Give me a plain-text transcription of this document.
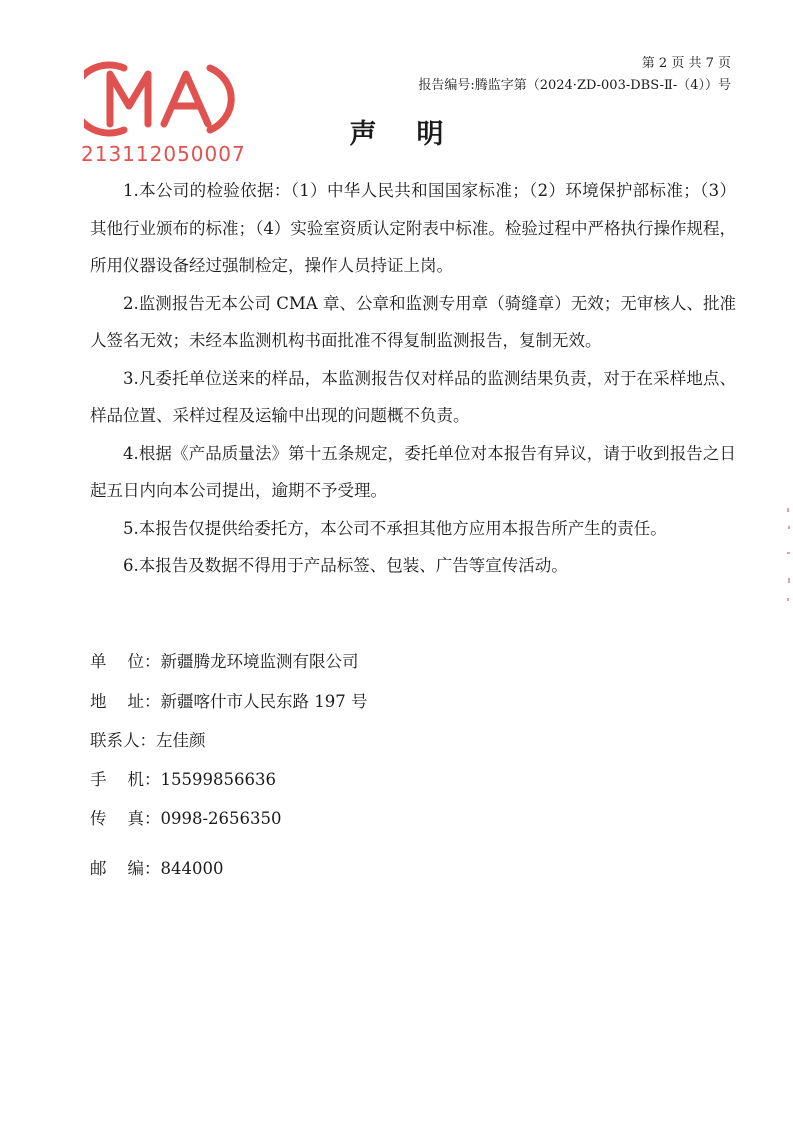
第 2 页 共 7 页
报告编号:腾监字第（2024·ZD-003-DBS-Ⅱ-（4））号
213112050007
声明

1.本公司的检验依据：（1）中华人民共和国国家标准；（2）环境保护部标准；（3）其他行业颁布的标准；（4）实验室资质认定附表中标准。检验过程中严格执行操作规程，所用仪器设备经过强制检定，操作人员持证上岗。

2.监测报告无本公司 CMA 章、公章和监测专用章（骑缝章）无效；无审核人、批准人签名无效；未经本监测机构书面批准不得复制监测报告，复制无效。

3.凡委托单位送来的样品，本监测报告仅对样品的监测结果负责，对于在采样地点、样品位置、采样过程及运输中出现的问题概不负责。

4.根据《产品质量法》第十五条规定，委托单位对本报告有异议，请于收到报告之日起五日内向本公司提出，逾期不予受理。

5.本报告仅提供给委托方，本公司不承担其他方应用本报告所产生的责任。

6.本报告及数据不得用于产品标签、包装、广告等宣传活动。

单    位：新疆腾龙环境监测有限公司
地    址：新疆喀什市人民东路 197 号
联系人：左佳颜
手    机：15599856636
传    真：0998-2656350
邮    编：844000
